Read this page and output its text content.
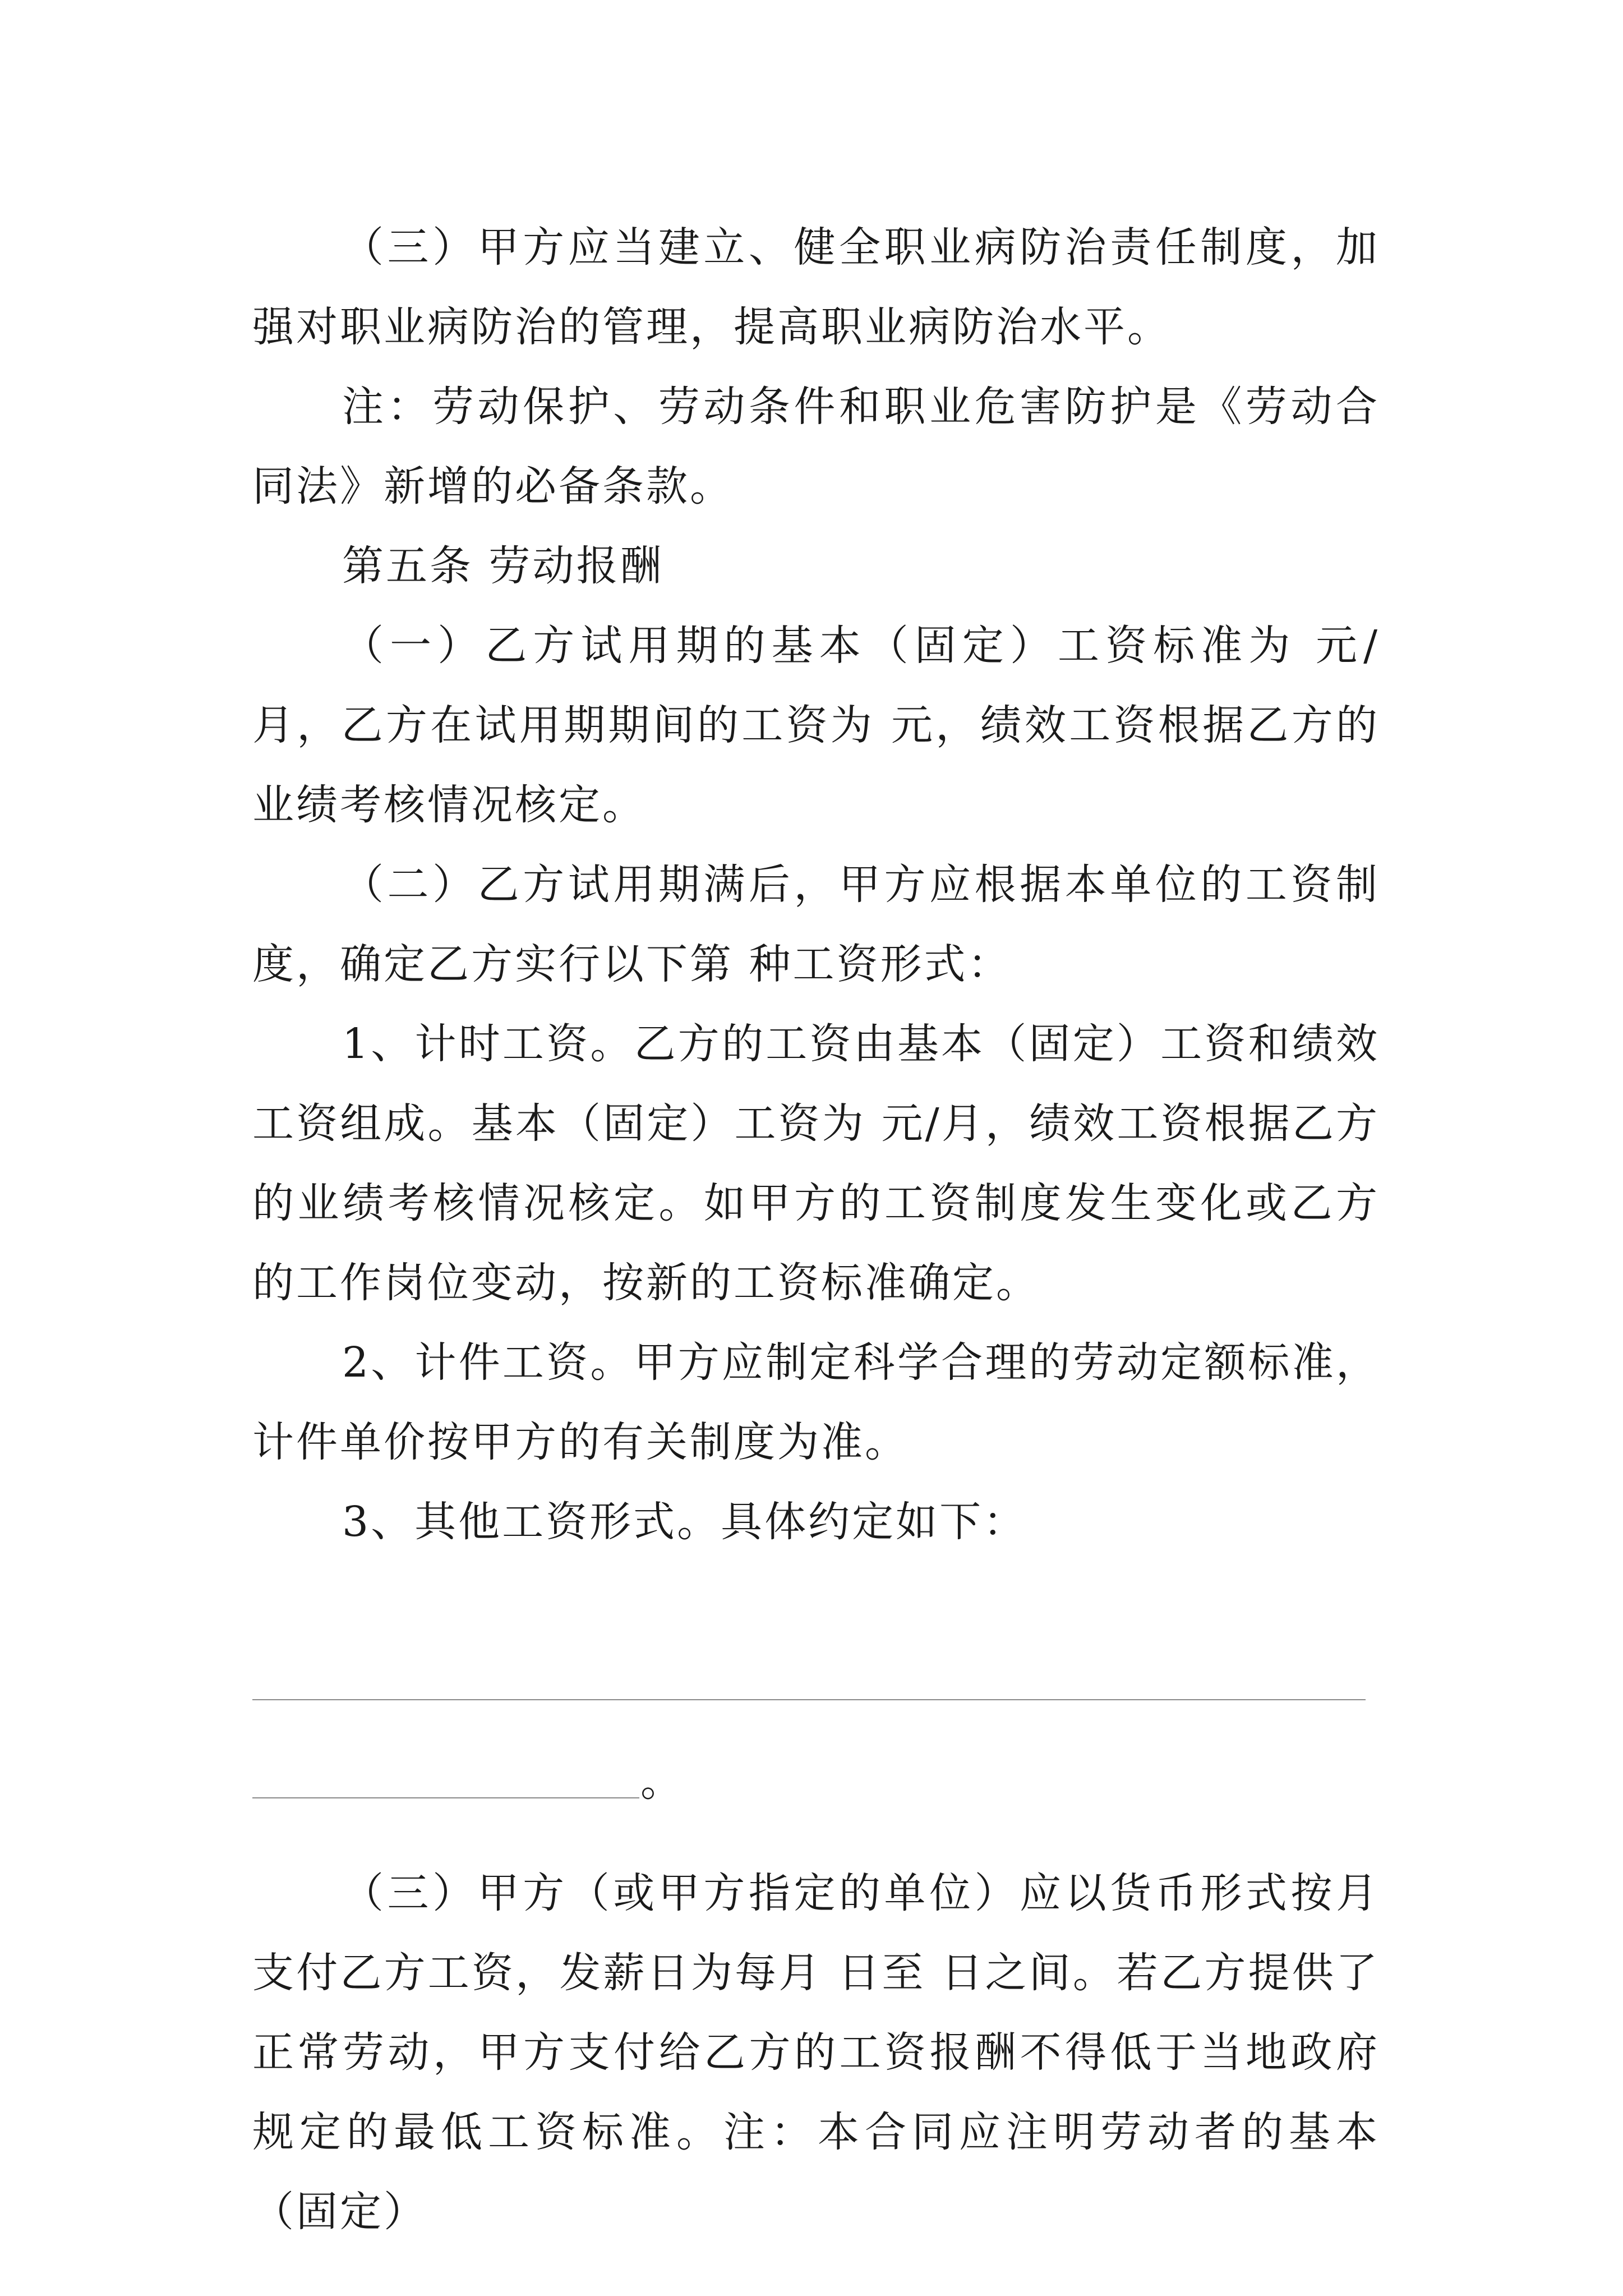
（三）甲方应当建立、健全职业病防治责任制度，加强对职业病防治的管理，提高职业病防治水平。

注：劳动保护、劳动条件和职业危害防护是《劳动合同法》新增的必备条款。

第五条 劳动报酬

（一）乙方试用期的基本（固定）工资标准为 元/月，乙方在试用期期间的工资为 元，绩效工资根据乙方的业绩考核情况核定。

（二）乙方试用期满后，甲方应根据本单位的工资制度，确定乙方实行以下第 种工资形式：

1、计时工资。乙方的工资由基本（固定）工资和绩效工资组成。基本（固定）工资为 元/月，绩效工资根据乙方的业绩考核情况核定。如甲方的工资制度发生变化或乙方的工作岗位变动，按新的工资标准确定。

2、计件工资。甲方应制定科学合理的劳动定额标准，计件单价按甲方的有关制度为准。

3、其他工资形式。具体约定如下：

。

（三）甲方（或甲方指定的单位）应以货币形式按月支付乙方工资，发薪日为每月 日至 日之间。若乙方提供了正常劳动，甲方支付给乙方的工资报酬不得低于当地政府规定的最低工资标准。注：本合同应注明劳动者的基本（固定）
